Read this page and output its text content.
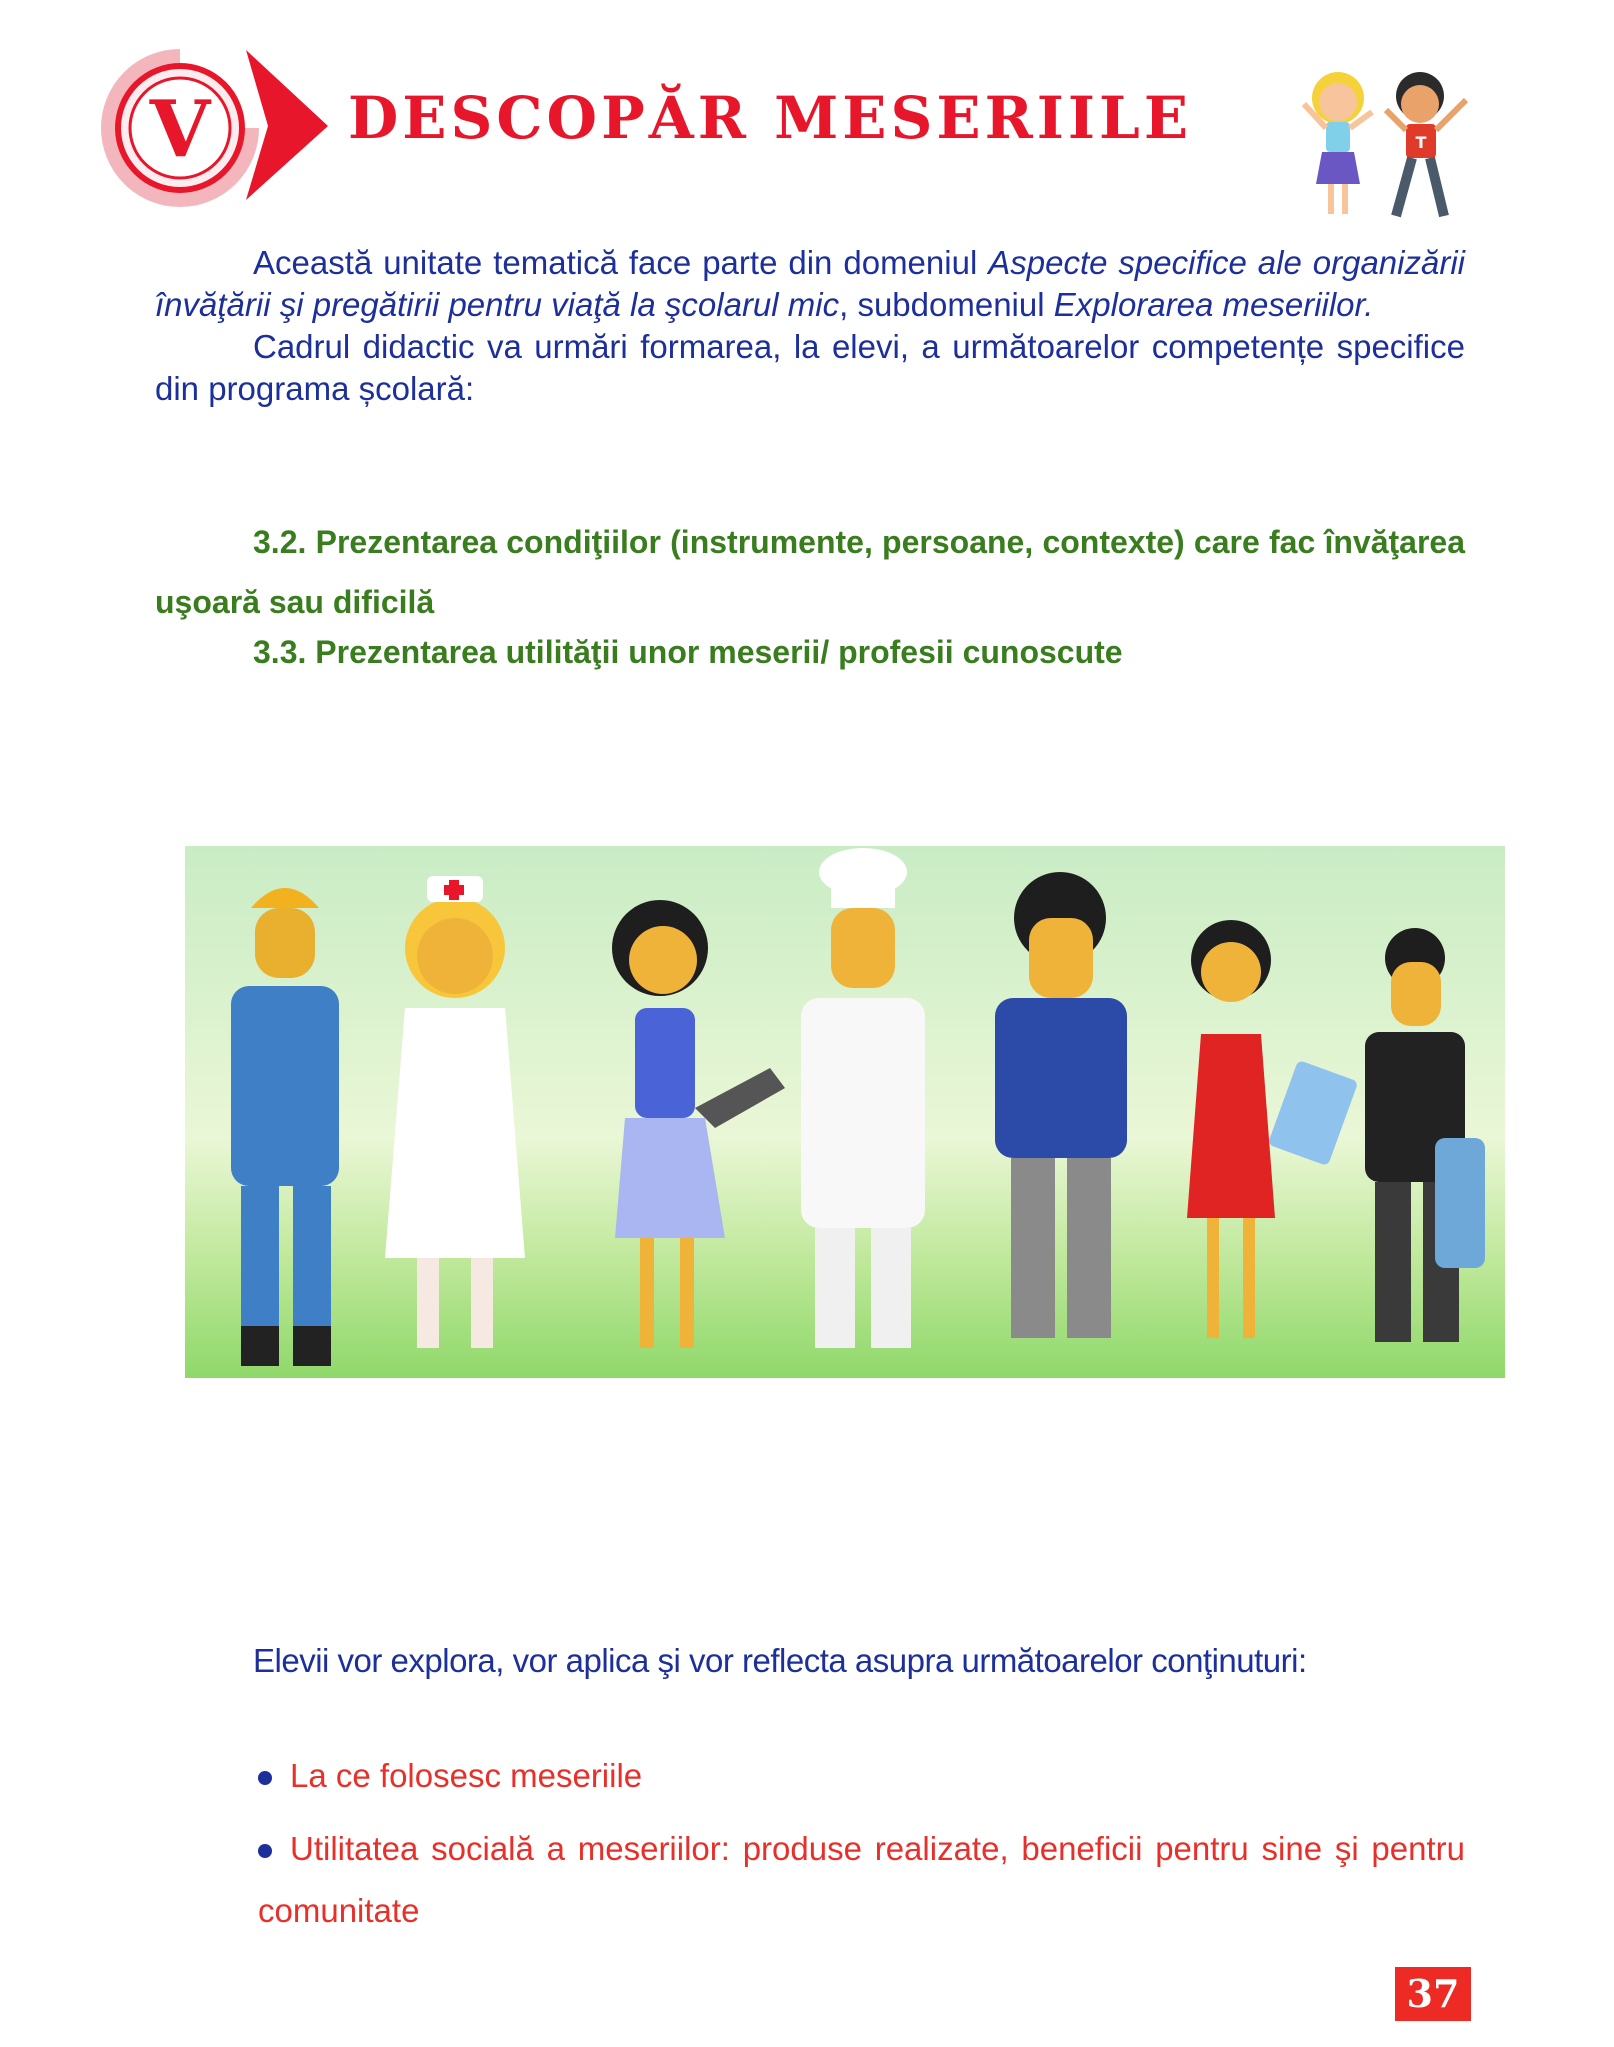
V DESCOPĂR MESERIILE	T

Această unitate tematică face parte din domeniul Aspecte specifice ale organizării învăţării şi pregătirii pentru viaţă la şcolarul mic, subdomeniul Explorarea meseriilor.

Cadrul didactic va urmări formarea, la elevi, a următoarelor competențe specifice din programa școlară:

3.2. Prezentarea condiţiilor (instrumente, persoane, contexte) care fac învăţarea uşoară sau dificilă

3.3. Prezentarea utilităţii unor meserii/ profesii cunoscute

Elevii vor explora, vor aplica şi vor reflecta asupra următoarelor conţinuturi:

La ce folosesc meseriile

Utilitatea socială a meseriilor: produse realizate, beneficii pentru sine şi pentru comunitate

37
